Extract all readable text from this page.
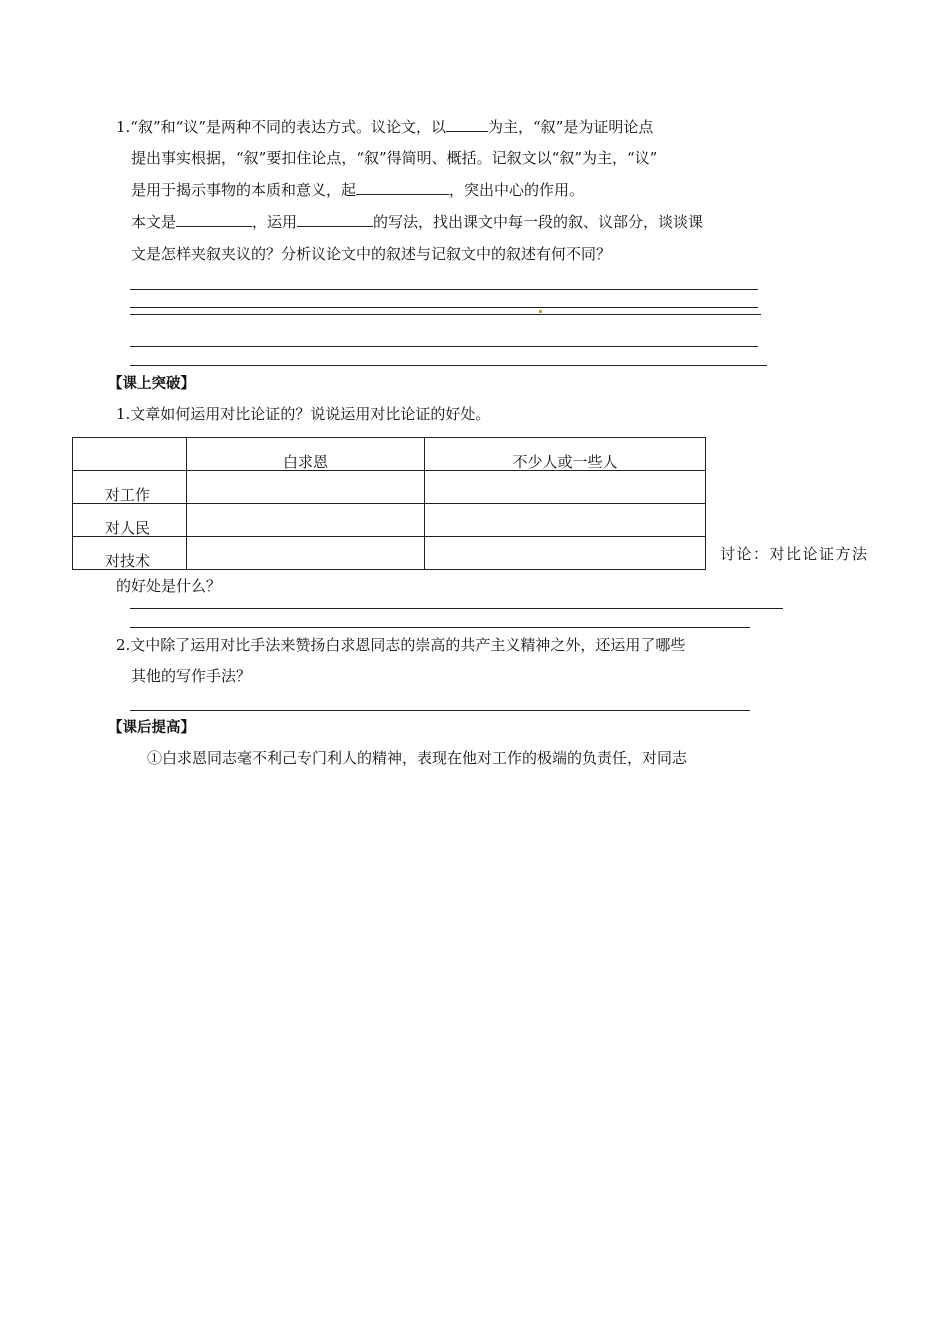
1.“叙”和“议”是两种不同的表达方式。议论文，以	为主，“叙”是为证明论点
提出事实根据，“叙”要扣住论点，“叙”得简明、概括。记叙文以“叙”为主，“议”
是用于揭示事物的本质和意义，起	，突出中心的作用。
本文是	，运用	的写法，找出课文中每一段的叙、议部分，谈谈课
文是怎样夹叙夹议的？分析议论文中的叙述与记叙文中的叙述有何不同？
【课上突破】
1.文章如何运用对比论证的？说说运用对比论证的好处。
	白求恩	不少人或一些人
对工作		
对人民		
对技术			讨论：对比论证方法
的好处是什么？
2.文中除了运用对比手法来赞扬白求恩同志的崇高的共产主义精神之外，还运用了哪些
其他的写作手法？
【课后提高】
①白求恩同志毫不利己专门利人的精神，表现在他对工作的极端的负责任，对同志
